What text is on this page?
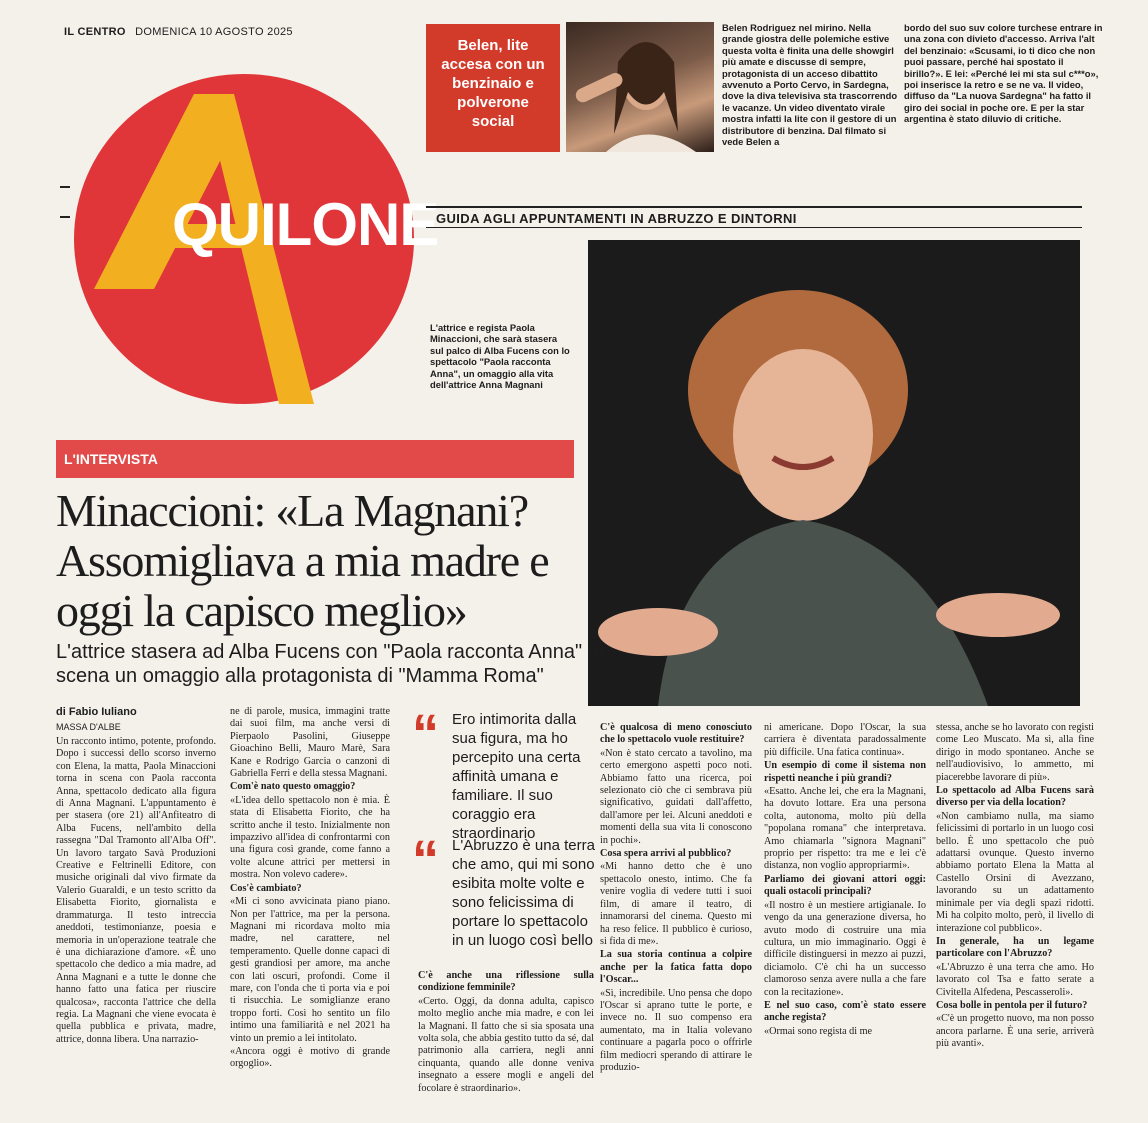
IL CENTRO DOMENICA 10 AGOSTO 2025
Belen, lite accesa con un benzinaio e polverone social
Belen Rodriguez nel mirino. Nella grande giostra delle polemiche estive questa volta è finita una delle showgirl più amate e discusse di sempre, protagonista di un acceso dibattito avvenuto a Porto Cervo, in Sardegna, dove la diva televisiva sta trascorrendo le vacanze. Un video diventato virale mostra infatti la lite con il gestore di un distributore di benzina. Dal filmato si vede Belen a
bordo del suo suv colore turchese entrare in una zona con divieto d'accesso. Arriva l'alt del benzinaio: «Scusami, io ti dico che non puoi passare, perché hai spostato il birillo?». E lei: «Perché lei mi sta sul c***o», poi inserisce la retro e se ne va. Il video, diffuso da "La nuova Sardegna" ha fatto il giro dei social in poche ore. E per la star argentina è stato diluvio di critiche.
QUILONE
GUIDA AGLI APPUNTAMENTI IN ABRUZZO E DINTORNI
L'attrice e regista Paola Minaccioni, che sarà stasera sul palco di Alba Fucens con lo spettacolo "Paola racconta Anna", un omaggio alla vita dell'attrice Anna Magnani
L'INTERVISTA
Minaccioni: «La Magnani? Assomigliava a mia madre e oggi la capisco meglio»
L'attrice stasera ad Alba Fucens con "Paola racconta Anna" In scena un omaggio alla protagonista di "Mamma Roma"
di Fabio Iuliano
MASSA D'ALBE

Un racconto intimo, potente, profondo. Dopo i successi dello scorso inverno con Elena, la matta, Paola Minaccioni torna in scena con Paola racconta Anna, spettacolo dedicato alla figura di Anna Magnani. L'appuntamento è per stasera (ore 21) all'Anfiteatro di Alba Fucens, nell'ambito della rassegna "Dal Tramonto all'Alba Off". Un lavoro targato Savà Produzioni Creative e Feltrinelli Editore, con musiche originali dal vivo firmate da Valerio Guaraldi, e un testo scritto da Elisabetta Fiorito, giornalista e drammaturga. Il testo intreccia aneddoti, testimonianze, poesia e memoria in un'operazione teatrale che è una dichiarazione d'amore. «È uno spettacolo che dedico a mia madre, ad Anna Magnani e a tutte le donne che hanno fatto una fatica per riuscire qualcosa», racconta l'attrice che della regia. La Magnani che viene evocata è quella pubblica e privata, madre, attrice, donna libera. Una narrazio-

ne di parole, musica, immagini tratte dai suoi film, ma anche versi di Pierpaolo Pasolini, Giuseppe Gioachino Belli, Mauro Marè, Sara Kane e Rodrigo Garcia o canzoni di Gabriella Ferri e della stessa Magnani.

Com'è nato questo omaggio?

«L'idea dello spettacolo non è mia. È stata di Elisabetta Fiorito, che ha scritto anche il testo. Inizialmente non impazzivo all'idea di confrontarmi con una figura così grande, come fanno a volte alcune attrici per mettersi in mostra. Non volevo cadere».

Cos'è cambiato?

«Mi ci sono avvicinata piano piano. Non per l'attrice, ma per la persona. Magnani mi ricordava molto mia madre, nel carattere, nel temperamento. Quelle donne capaci di gesti grandiosi per amore, ma anche con lati oscuri, profondi. Come il mare, con l'onda che ti porta via e poi ti risucchia. Le somiglianze erano troppo forti. Così ho sentito un filo intimo una familiarità e nel 2021 ha vinto un premio a lei intitolato.

«Ancora oggi è motivo di grande orgoglio».

“ Ero intimorita dalla sua figura, ma ho percepito una certa affinità umana e familiare. Il suo coraggio era straordinario
“ L'Abruzzo è una terra che amo, qui mi sono esibita molte volte e sono felicissima di portare lo spettacolo in un luogo così bello

C'è anche una riflessione sulla condizione femminile?

«Certo. Oggi, da donna adulta, capisco molto meglio anche mia madre, e con lei la Magnani. Il fatto che si sia sposata una volta sola, che abbia gestito tutto da sé, dal patrimonio alla carriera, negli anni cinquanta, quando alle donne veniva insegnato a essere mogli e angeli del focolare è straordinario».

C'è qualcosa di meno conosciuto che lo spettacolo vuole restituire?

«Non è stato cercato a tavolino, ma certo emergono aspetti poco noti. Abbiamo fatto una ricerca, poi selezionato ciò che ci sembrava più significativo, guidati dall'affetto, dall'amore per lei. Alcuni aneddoti e momenti della sua vita li conoscono in pochi».

Cosa spera arrivi al pubblico?

«Mi hanno detto che è uno spettacolo onesto, intimo. Che fa venire voglia di vedere tutti i suoi film, di amare il teatro, di innamorarsi del cinema. Questo mi ha reso felice. Il pubblico è curioso, si fida di me».

La sua storia continua a colpire anche per la fatica fatta dopo l'Oscar...

«Sì, incredibile. Uno pensa che dopo l'Oscar si aprano tutte le porte, e invece no. Il suo compenso era aumentato, ma in Italia volevano continuare a pagarla poco o offrirle film mediocri sperando di attirare le produzio-

ni americane. Dopo l'Oscar, la sua carriera è diventata paradossalmente più difficile. Una fatica continua».

Un esempio di come il sistema non rispetti neanche i più grandi?

«Esatto. Anche lei, che era la Magnani, ha dovuto lottare. Era una persona colta, autonoma, molto più della "popolana romana" che interpretava. Amo chiamarla "signora Magnani" proprio per rispetto: tra me e lei c'è distanza, non voglio appropriarmi».

Parliamo dei giovani attori oggi: quali ostacoli principali?

«Il nostro è un mestiere artigianale. Io vengo da una generazione diversa, ho avuto modo di costruire una mia cultura, un mio immaginario. Oggi è difficile distinguersi in mezzo ai puzzi, diciamolo. C'è chi ha un successo clamoroso senza avere nulla a che fare con la recitazione».

E nel suo caso, com'è stato essere anche regista?

«Ormai sono regista di me

stessa, anche se ho lavorato con registi come Leo Muscato. Ma sì, alla fine dirigo in modo spontaneo. Anche se nell'audiovisivo, lo ammetto, mi piacerebbe lavorare di più».

Lo spettacolo ad Alba Fucens sarà diverso per via della location?

«Non cambiamo nulla, ma siamo felicissimi di portarlo in un luogo così bello. È uno spettacolo che può adattarsi ovunque. Questo inverno abbiamo portato Elena la Matta al Castello Orsini di Avezzano, lavorando su un adattamento minimale per via degli spazi ridotti. Mi ha colpito molto, però, il livello di interazione col pubblico».

In generale, ha un legame particolare con l'Abruzzo?

«L'Abruzzo è una terra che amo. Ho lavorato col Tsa e fatto serate a Civitella Alfedena, Pescasseroli».

Cosa bolle in pentola per il futuro?

«C'è un progetto nuovo, ma non posso ancora parlarne. È una serie, arriverà più avanti».
